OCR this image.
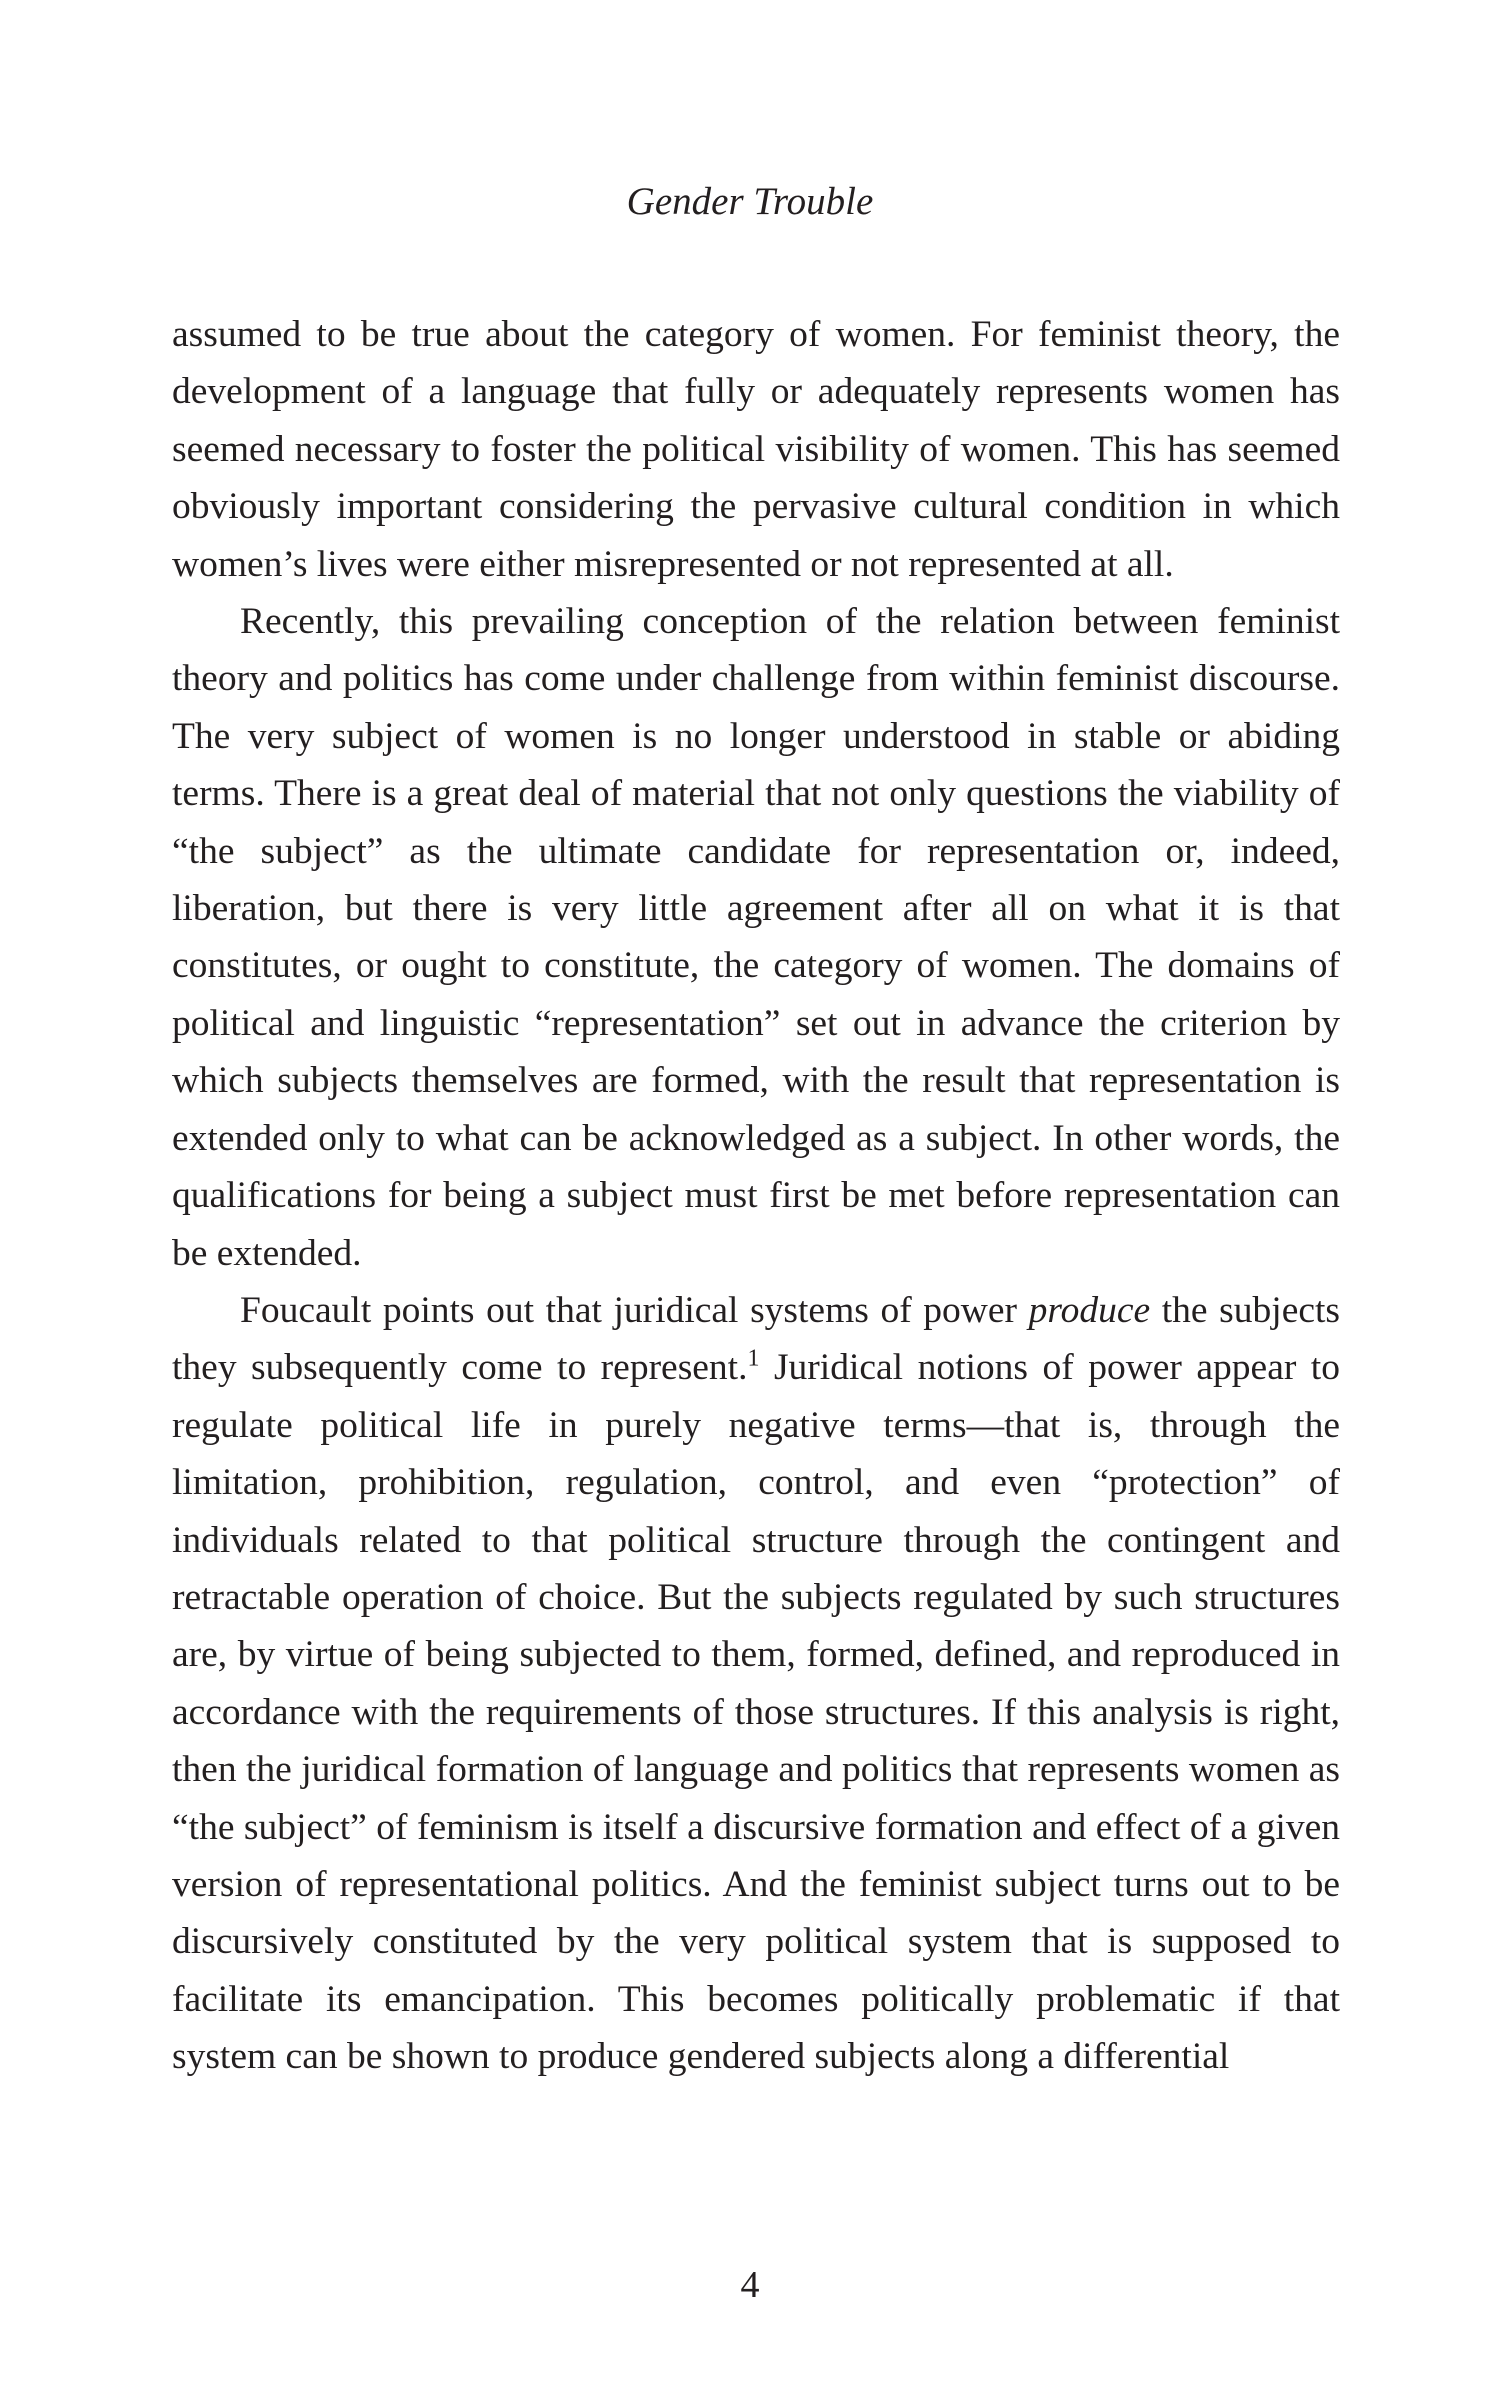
Gender Trouble

assumed to be true about the category of women. For feminist theory, the development of a language that fully or adequately represents women has seemed necessary to foster the political visibility of women. This has seemed obviously important considering the pervasive cultural condition in which women’s lives were either misrepresented or not represented at all.

Recently, this prevailing conception of the relation between feminist theory and politics has come under challenge from within feminist discourse. The very subject of women is no longer understood in stable or abiding terms. There is a great deal of material that not only questions the viability of “the subject” as the ultimate candidate for representation or, indeed, liberation, but there is very little agreement after all on what it is that constitutes, or ought to constitute, the category of women. The domains of political and linguistic “representation” set out in advance the criterion by which subjects themselves are formed, with the result that representation is extended only to what can be acknowledged as a subject. In other words, the qualifications for being a subject must first be met before representation can be extended.

Foucault points out that juridical systems of power produce the subjects they subsequently come to represent.$^1$ Juridical notions of power appear to regulate political life in purely negative terms—that is, through the limitation, prohibition, regulation, control, and even “protection” of individuals related to that political structure through the contingent and retractable operation of choice. But the subjects regulated by such structures are, by virtue of being subjected to them, formed, defined, and reproduced in accordance with the requirements of those structures. If this analysis is right, then the juridical formation of language and politics that represents women as “the subject” of feminism is itself a discursive formation and effect of a given version of representational politics. And the feminist subject turns out to be discursively constituted by the very political system that is supposed to facilitate its emancipation. This becomes politically problematic if that system can be shown to produce gendered subjects along a differential

4
